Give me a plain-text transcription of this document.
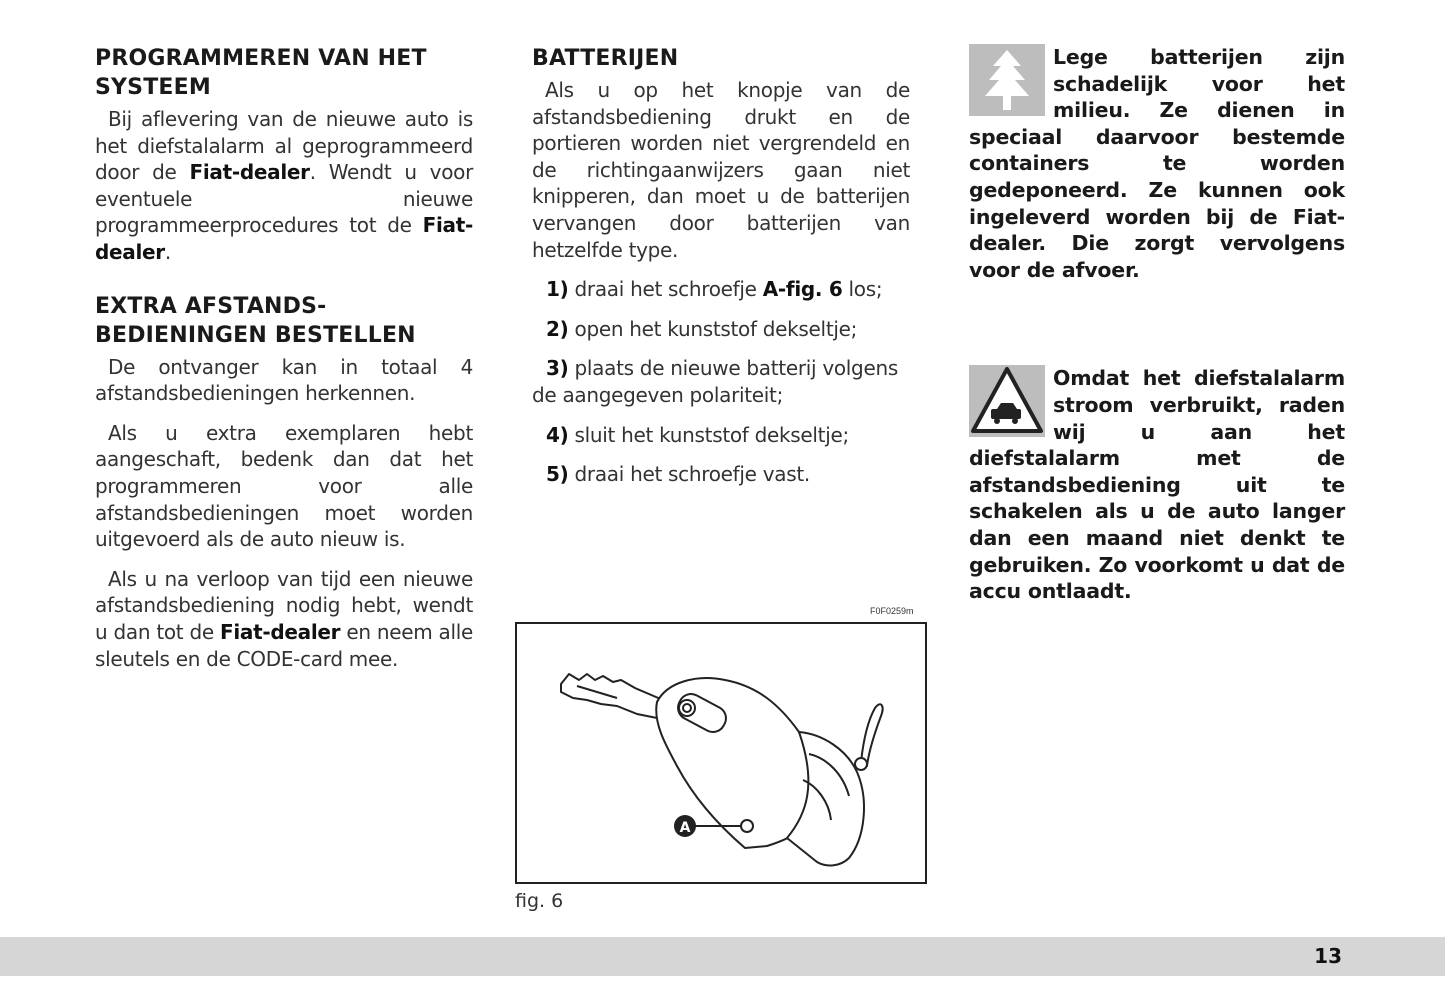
PROGRAMMEREN VAN HET SYSTEEM

Bij aflevering van de nieuwe auto is het diefstalalarm al geprogrammeerd door de Fiat-dealer. Wendt u voor eventuele nieuwe programmeerprocedures tot de Fiat-dealer.

EXTRA AFSTANDS-BEDIENINGEN BESTELLEN

De ontvanger kan in totaal 4 afstandsbedieningen herkennen.

Als u extra exemplaren hebt aangeschaft, bedenk dan dat het programmeren voor alle afstandsbedieningen moet worden uitgevoerd als de auto nieuw is.

Als u na verloop van tijd een nieuwe afstandsbediening nodig hebt, wendt u dan tot de Fiat-dealer en neem alle sleutels en de CODE-card mee.

BATTERIJEN

Als u op het knopje van de afstandsbediening drukt en de portieren worden niet vergrendeld en de richtingaanwijzers gaan niet knipperen, dan moet u de batterijen vervangen door batterijen van hetzelfde type.

1) draai het schroefje A-fig. 6 los;

2) open het kunststof dekseltje;

3) plaats de nieuwe batterij volgens de aangegeven polariteit;

4) sluit het kunststof dekseltje;

5) draai het schroefje vast.

F0F0259m
A
fig. 6

Lege batterijen zijn schadelijk voor het milieu. Ze dienen in speciaal daarvoor bestemde containers te worden gedeponeerd. Ze kunnen ook ingeleverd worden bij de Fiat-dealer. Die zorgt vervolgens voor de afvoer.

Omdat het diefstalalarm stroom verbruikt, raden wij u aan het diefstalalarm met de afstandsbediening uit te schakelen als u de auto langer dan een maand niet denkt te gebruiken. Zo voorkomt u dat de accu ontlaadt.

13
